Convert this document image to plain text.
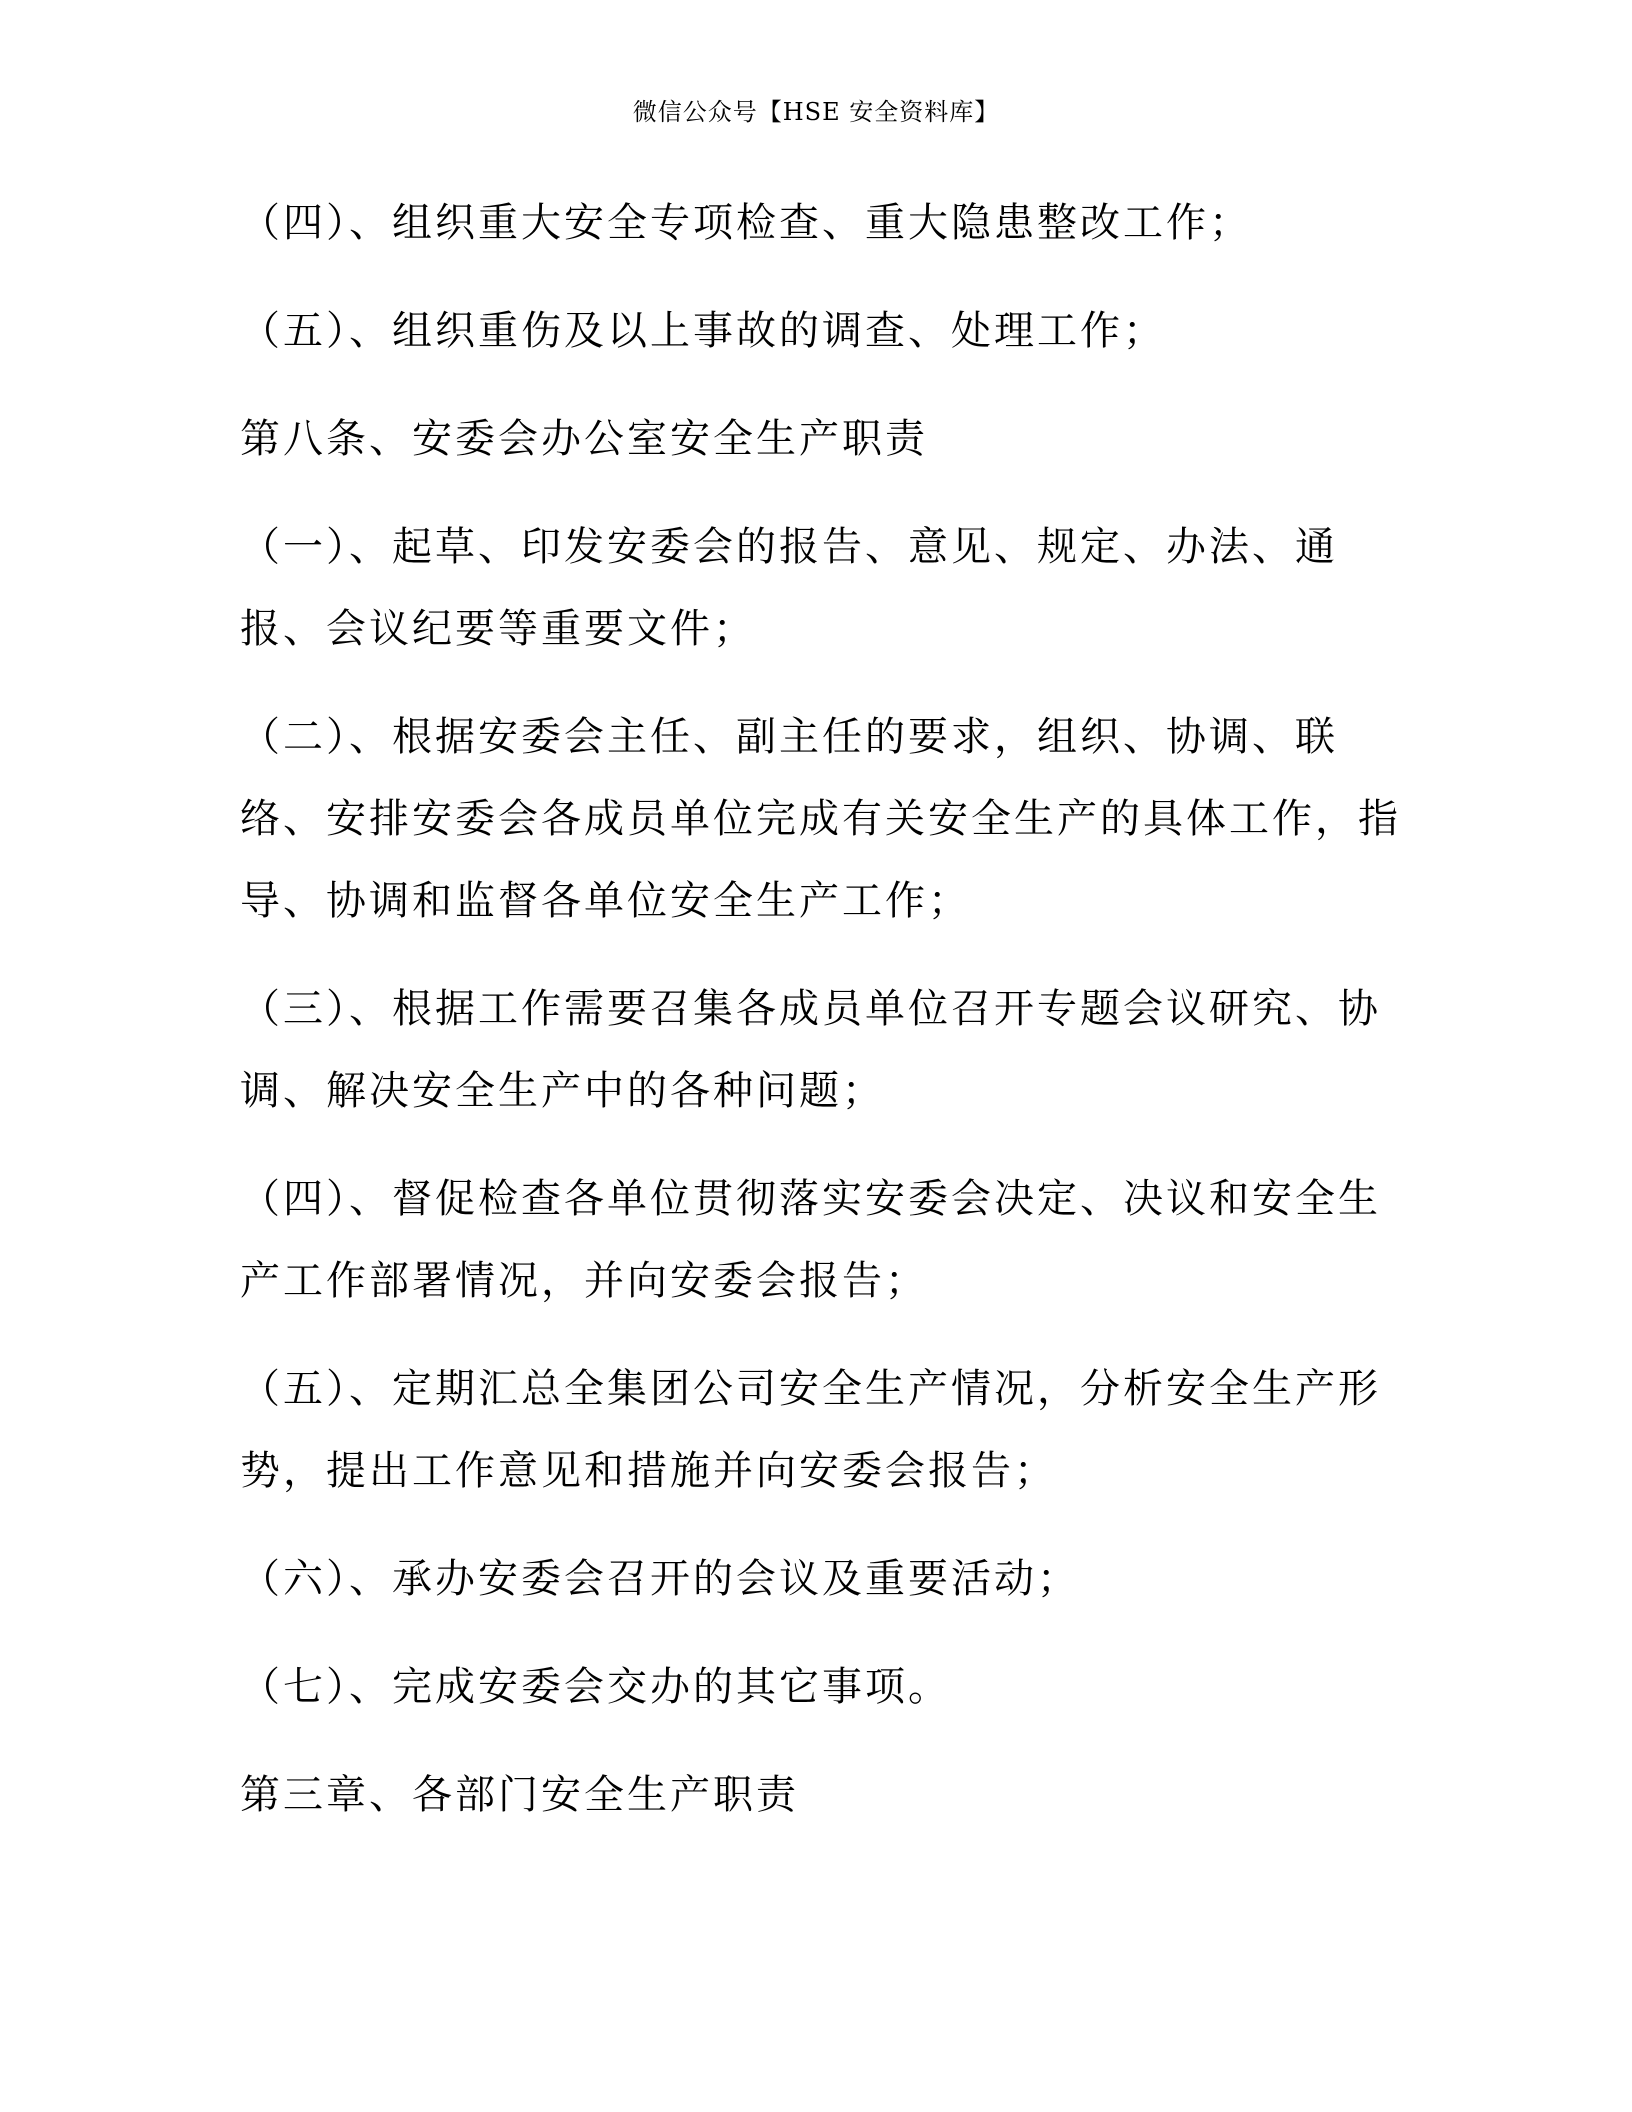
微信公众号【HSE 安全资料库】

（四）、组织重大安全专项检查、重大隐患整改工作；

（五）、组织重伤及以上事故的调查、处理工作；

第八条、安委会办公室安全生产职责

（一）、起草、印发安委会的报告、意见、规定、办法、通
报、会议纪要等重要文件；

（二）、根据安委会主任、副主任的要求，组织、协调、联
络、安排安委会各成员单位完成有关安全生产的具体工作，指
导、协调和监督各单位安全生产工作；

（三）、根据工作需要召集各成员单位召开专题会议研究、协
调、解决安全生产中的各种问题；

（四）、督促检查各单位贯彻落实安委会决定、决议和安全生
产工作部署情况，并向安委会报告；

（五）、定期汇总全集团公司安全生产情况，分析安全生产形
势，提出工作意见和措施并向安委会报告；

（六）、承办安委会召开的会议及重要活动；

（七）、完成安委会交办的其它事项。

第三章、各部门安全生产职责
